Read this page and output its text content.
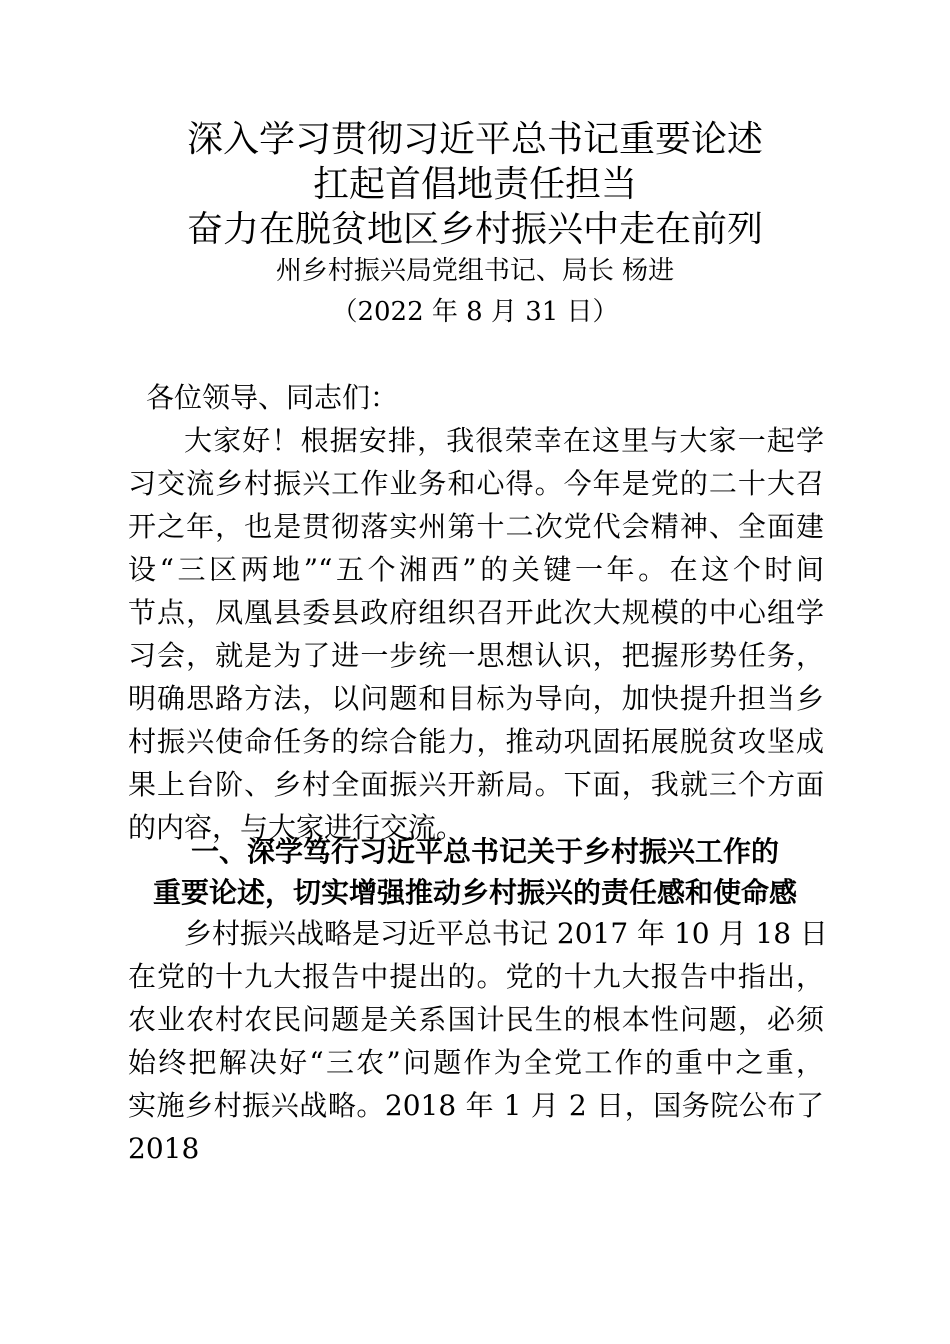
深入学习贯彻习近平总书记重要论述
扛起首倡地责任担当
奋力在脱贫地区乡村振兴中走在前列
州乡村振兴局党组书记、局长 杨进
（2022 年 8 月 31 日）
各位领导、同志们：
大家好！根据安排，我很荣幸在这里与大家一起学
习交流乡村振兴工作业务和心得。今年是党的二十大召
开之年，也是贯彻落实州第十二次党代会精神、全面建
设“三区两地”“五个湘西”的关键一年。在这个时间
节点，凤凰县委县政府组织召开此次大规模的中心组学
习会，就是为了进一步统一思想认识，把握形势任务，
明确思路方法，以问题和目标为导向，加快提升担当乡
村振兴使命任务的综合能力，推动巩固拓展脱贫攻坚成
果上台阶、乡村全面振兴开新局。下面，我就三个方面
的内容，与大家进行交流。
一、深学笃行习近平总书记关于乡村振兴工作的
重要论述，切实增强推动乡村振兴的责任感和使命感
乡村振兴战略是习近平总书记 2017 年 10 月 18 日
在党的十九大报告中提出的。党的十九大报告中指出，
农业农村农民问题是关系国计民生的根本性问题，必须
始终把解决好“三农”问题作为全党工作的重中之重，
实施乡村振兴战略。2018 年 1 月 2 日，国务院公布了
2018
